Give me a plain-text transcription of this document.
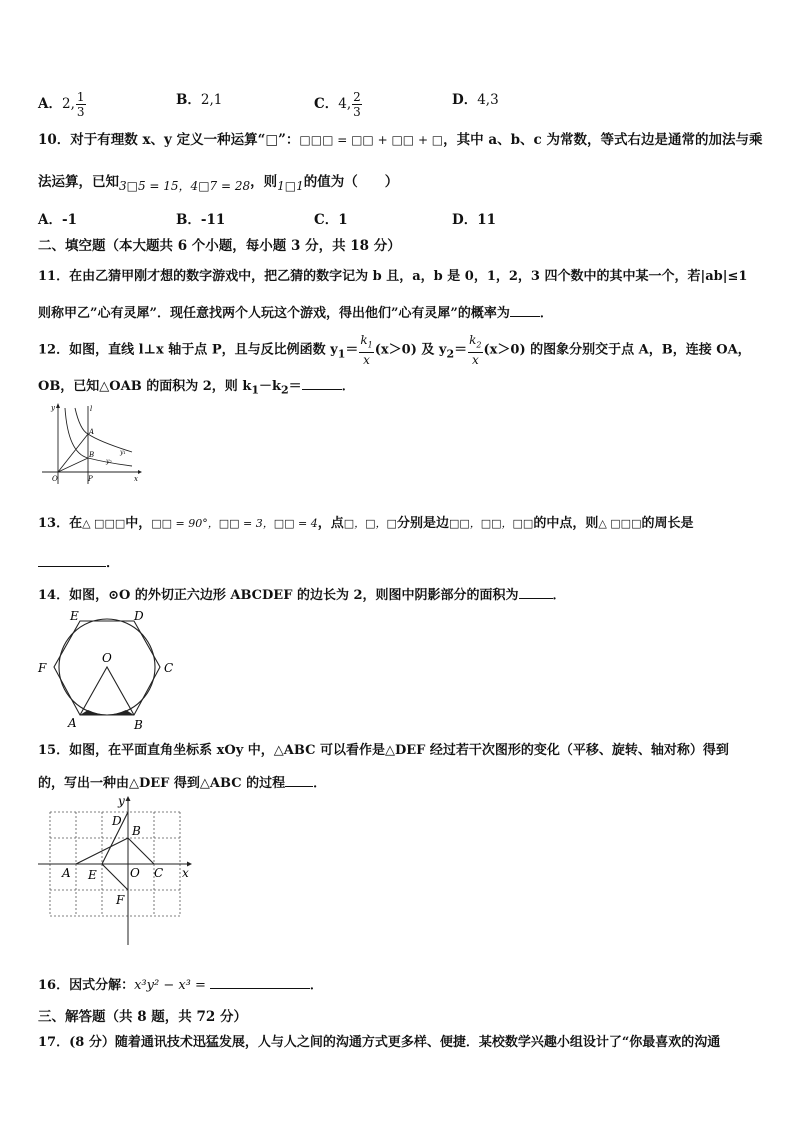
A．2, $\frac{1}{3}$	B．2,1	C．4, $\frac{2}{3}$	D．4,3
10．对于有理数 x、y 定义一种运算“□”：□□□ = □□ + □□ + □，其中 a、b、c 为常数，等式右边是通常的加法与乘
法运算，已知3□5 = 15，4□7 = 28，则1□1的值为（　　）
A．-1	B．-11	C．1	D．11
二、填空题（本大题共 6 个小题，每小题 3 分，共 18 分）
11．在由乙猜甲刚才想的数字游戏中，把乙猜的数字记为 b 且，a，b 是 0，1，2，3 四个数中的其中某一个，若|ab|≤1
则称甲乙”心有灵犀”．现任意找两个人玩这个游戏，得出他们”心有灵犀”的概率为 ．
12．如图，直线 l⊥x 轴于点 P，且与反比例函数 $y_1= \frac{k_1}{x} (x>0)$ 及 $y_2= \frac{k_2}{x} (x>0)$ 的图象分别交于点 A，B，连接 OA，
OB，已知△OAB 的面积为 2，则 $k_1-k_2=$	．
y	l
A
B	y₁
y₂
O	P	x
13．在△ □□□中，□□ = 90°，□□ = 3，□□ = 4，点□，□，□分别是边□□，□□，□□的中点，则△ □□□的周长是
．
14．如图，⊙O 的外切正六边形 ABCDEF 的边长为 2，则图中阴影部分的面积为	．
E	D
F	C
O
A	B
15．如图，在平面直角坐标系 xOy 中，△ABC 可以看作是△DEF 经过若干次图形的变化（平移、旋转、轴对称）得到
的，写出一种由△DEF 得到△ABC 的过程 ．
y
D
B
A E	O C x
F
16．因式分解：x³y² − x³ =	．
三、解答题（共 8 题，共 72 分）
17．(8 分）随着通讯技术迅猛发展，人与人之间的沟通方式更多样、便捷．某校数学兴趣小组设计了“你最喜欢的沟通
